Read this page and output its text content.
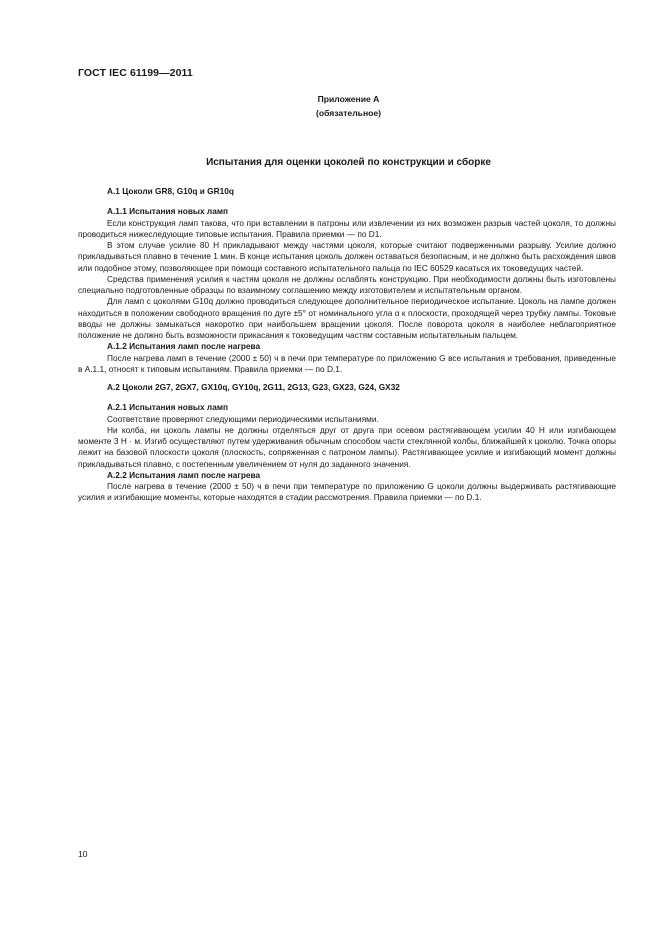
ГОСТ IEC 61199—2011
Приложение А
(обязательное)
Испытания для оценки цоколей по конструкции и сборке
А.1 Цоколи GR8, G10q и GR10q
А.1.1 Испытания новых ламп

Если конструкция ламп такова, что при вставлении в патроны или извлечении из них возможен разрыв частей цоколя, то должны проводиться нижеследующие типовые испытания. Правила приемки — по D1.

В этом случае усилие 80 Н прикладывают между частями цоколя, которые считают подверженными разрыву. Усилие должно прикладываться плавно в течение 1 мин. В конце испытания цоколь должен оставаться безопасным, и не должно быть расхождения швов или подобное этому, позволяющее при помощи составного испытательного пальца по IEC 60529 касаться их токоведущих частей.

Средства применения усилия к частям цоколя не должны ослаблять конструкцию. При необходимости должны быть изготовлены специально подготовленные образцы по взаимному соглашению между изготовителем и испытательным органом.

Для ламп с цоколями G10q должно проводиться следующее дополнительное периодическое испытание. Цоколь на лампе должен находиться в положении свободного вращения по дуге ±5° от номинального угла α к плоскости, проходящей через трубку лампы. Токовые вводы не должны замыкаться накоротко при наибольшем вращении цоколя. После поворота цоколя в наиболее неблагоприятное положение не должно быть возможности прикасания к токоведущим частям составным испытательным пальцем.

А.1.2 Испытания ламп после нагрева

После нагрева ламп в течение (2000 ± 50) ч в печи при температуре по приложению G все испытания и требования, приведенные в А.1.1, относят к типовым испытаниям. Правила приемки — по D.1.

А.2 Цоколи 2G7, 2GX7, GX10q, GY10q, 2G11, 2G13, G23, GX23, G24, GX32
А.2.1 Испытания новых ламп

Соответствие проверяют следующими периодическими испытаниями.

Ни колба, ни цоколь лампы не должны отделяться друг от друга при осевом растягивающем усилии 40 Н или изгибающем моменте 3 Н · м. Изгиб осуществляют путем удерживания обычным способом части стеклянной колбы, ближайшей к цоколю. Точка опоры лежит на базовой плоскости цоколя (плоскость, сопряженная с патроном лампы). Растягивающее усилие и изгибающий момент должны прикладываться плавно, с постепенным увеличением от нуля до заданного значения.

А.2.2 Испытания ламп после нагрева

После нагрева в течение (2000 ± 50) ч в печи при температуре по приложению G цоколи должны выдерживать растягивающие усилия и изгибающие моменты, которые находятся в стадии рассмотрения. Правила приемки — по D.1.

10
